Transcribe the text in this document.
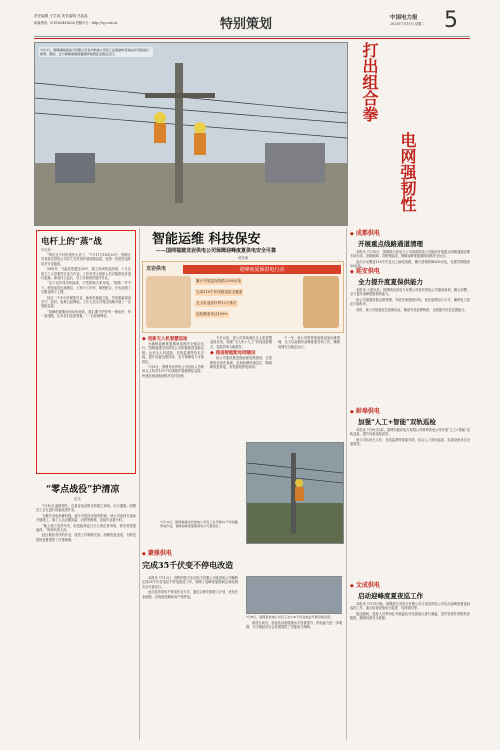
责任编辑 王学成 美术编辑 吕晶晶
新闻热线：(010)63416636 投稿平台：http://tg.com.cn	特别策划	中国电力报
2025年7月15日 星期二 5
7月1日，国网湖南省电力有限公司长沙供电公司员工在银盆岭变电站对设备进行保养、测试，全力保障迎峰度夏期间电网安全稳定运行。	打出组合拳
电网强韧性
电杆上的“蒸”战
何佳欣

“我们这个村的电杆太老了，”7月11日18时30分，国网江苏省宿迁供电公司员工在村里开展线路巡视，发现一处老化电杆存在安全隐患。

18时许，气温依然超过35℃，施工现场热浪滚滚，十几名电力工人顶着烈日奋力作业。工作负责人组织人员对隐患电杆进行更换，新电杆立起后，各工作面同时展开作业。

“这个电杆得尽快换掉，不然影响大家用电。”随着一声令下，班组成员迅速就位，大家分工协作、紧密配合，汗水浸透了衣服也顾不上擦。

经过一个多小时紧张作业，新电杆稳稳立起，导线重新架设完毕。此时，夜幕已经降临，工作人员又对周边线路开展了一次细致巡查。

“迎峰度夏期间用电负荷高，我们要守护好每一根电杆、每一条线路，让乡亲们清凉度夏。”一名老师傅说。

“零点战役”护清凉
赵伟

7月10日凌晨零时，在某变电站附近的施工现场，灯火通明。国网员工正在进行设备改造作业。

为避开用电高峰时段，减少对居民用电的影响，该公司选择在夜间开展施工，施工人员克服高温、闷热等困难，连续作业数小时。

“晚上施工虽然辛苦，但是能保证白天大家正常用电，我们觉得很值得。”现场负责人说。

经过紧张有序的作业，改造工作顺利完成，线路恢复送电，为附近居民度夏提供了可靠保障。

智能运维 科技保安
——国网福建龙岩供电公司保障迎峰度夏供电安全可靠
黄赛楠
龙岩供电	迎峰度夏保供电行动
累计开展巡视线路2300余条
完成110千伏线路巡检全覆盖
无人机巡检杆塔12万基次
巡检覆盖率达100%
◆ 创新无人机智慧巡检

为确保迎峰度夏期间电网安全稳定运行，国网福建龙岩供电公司积极推进智能运维，运用无人机巡检、在线监测等技术手段，提升设备运维效率，全力保障电力可靠供应。

7月8日，国网龙岩供电公司运检人员利用无人机对110千伏线路开展精细化巡检，快速发现设备缺陷并及时处理。

今年以来，该公司持续深化无人机智慧巡检应用，构建“无人机+人工”协同巡检模式，巡检效率大幅提升。

◆ 推进智能配电网建设

该公司加快推进智能配电网建设，完善配电自动化系统，实现故障快速定位、隔离和恢复供电，有效缩短停电时间。

下一步，该公司将持续加强设备运维管理，全力以赴做好迎峰度夏各项工作，确保电网安全稳定运行。

7月10日，国网福建龙岩供电公司员工在开展10千伏线路带电作业，保障迎峰度夏期间电力可靠供应。
◆ 蒙鼎供电
完成35千伏变不停电改造

本报讯 7月12日，国网内蒙古东部电力有限公司某供电公司顺利完成35千伏变电站不停电改造工作，保障了迎峰度夏期间区域电网安全可靠运行。

此次改造采用不停电作业方式，通过合理安排施工计划、优化作业流程，实现改造期间用户零停电。

7月8日，国网某供电公司员工对110千伏变电站开展设备巡视。

改造完成后，变电站设备健康水平显著提升，供电能力进一步增强，为当地经济社会发展提供了坚强电力保障。

◆ 成都供电
开展重点线路通道清理

本报讯 7月10日，国网四川省电力公司成都供电公司组织开展重点线路通道清理专项行动，消除树障、异物等隐患，保障迎峰度夏期间线路安全运行。

此次行动覆盖110千伏及以上输电线路，累计清理树障300余处，处置异物隐患50余起。

◆ 延安供电
全力提升度夏保供能力

本报讯 入夏以来，国网陕西省电力有限公司延安供电公司提前谋划、精心部署，全力提升迎峰度夏保供能力。

该公司加强设备运维管理，开展负荷预测分析，优化电网运行方式，确保电力供应平稳有序。

同时，该公司组建应急抢修队伍，储备充足抢修物资，全面提升应急处置能力。

◆ 蚌埠供电
加强“人工+智能”双轨巡检

本报讯 7月8日以来，国网安徽省电力有限公司蚌埠供电公司开展“人工+智能”双轨巡检，提升设备巡检质效。

该公司运用无人机、在线监测等智能手段，结合人工现场巡视，实现设备状态全面掌控。

◆ 文成供电
启动迎峰度夏夜巡工作

本报讯 7月11日晚，国网浙江省电力有限公司文成县供电公司启动迎峰度夏夜间巡视工作，重点检查设备运行温度、负荷情况等。

夜巡期间，巡视人员利用红外测温仪对设备接头进行测温，及时发现并消除发热隐患，确保设备安全度夏。
